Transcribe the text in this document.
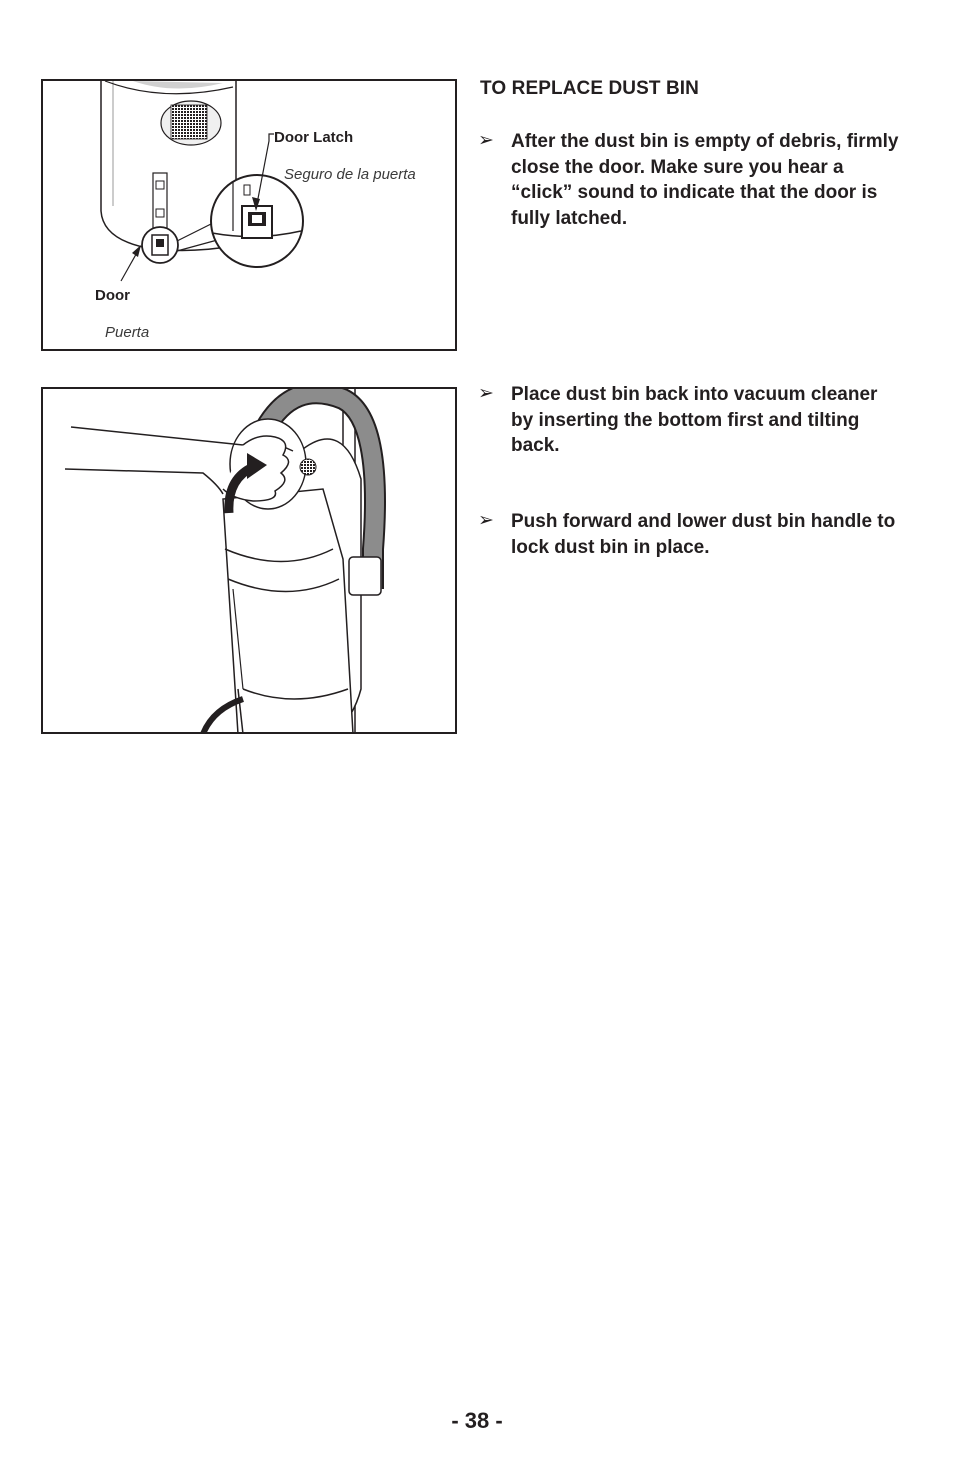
Door Latch
Seguro de la puerta
Door
Puerta
TO REPLACE DUST BIN
➢ After the dust bin is empty of debris, firmly close the door. Make sure you hear a “click” sound to indicate that the door is fully latched.
➢ Place dust bin back into vacuum cleaner by inserting the bottom first and tilting back.
➢ Push forward and lower dust bin handle to lock dust bin in place.
- 38 -
